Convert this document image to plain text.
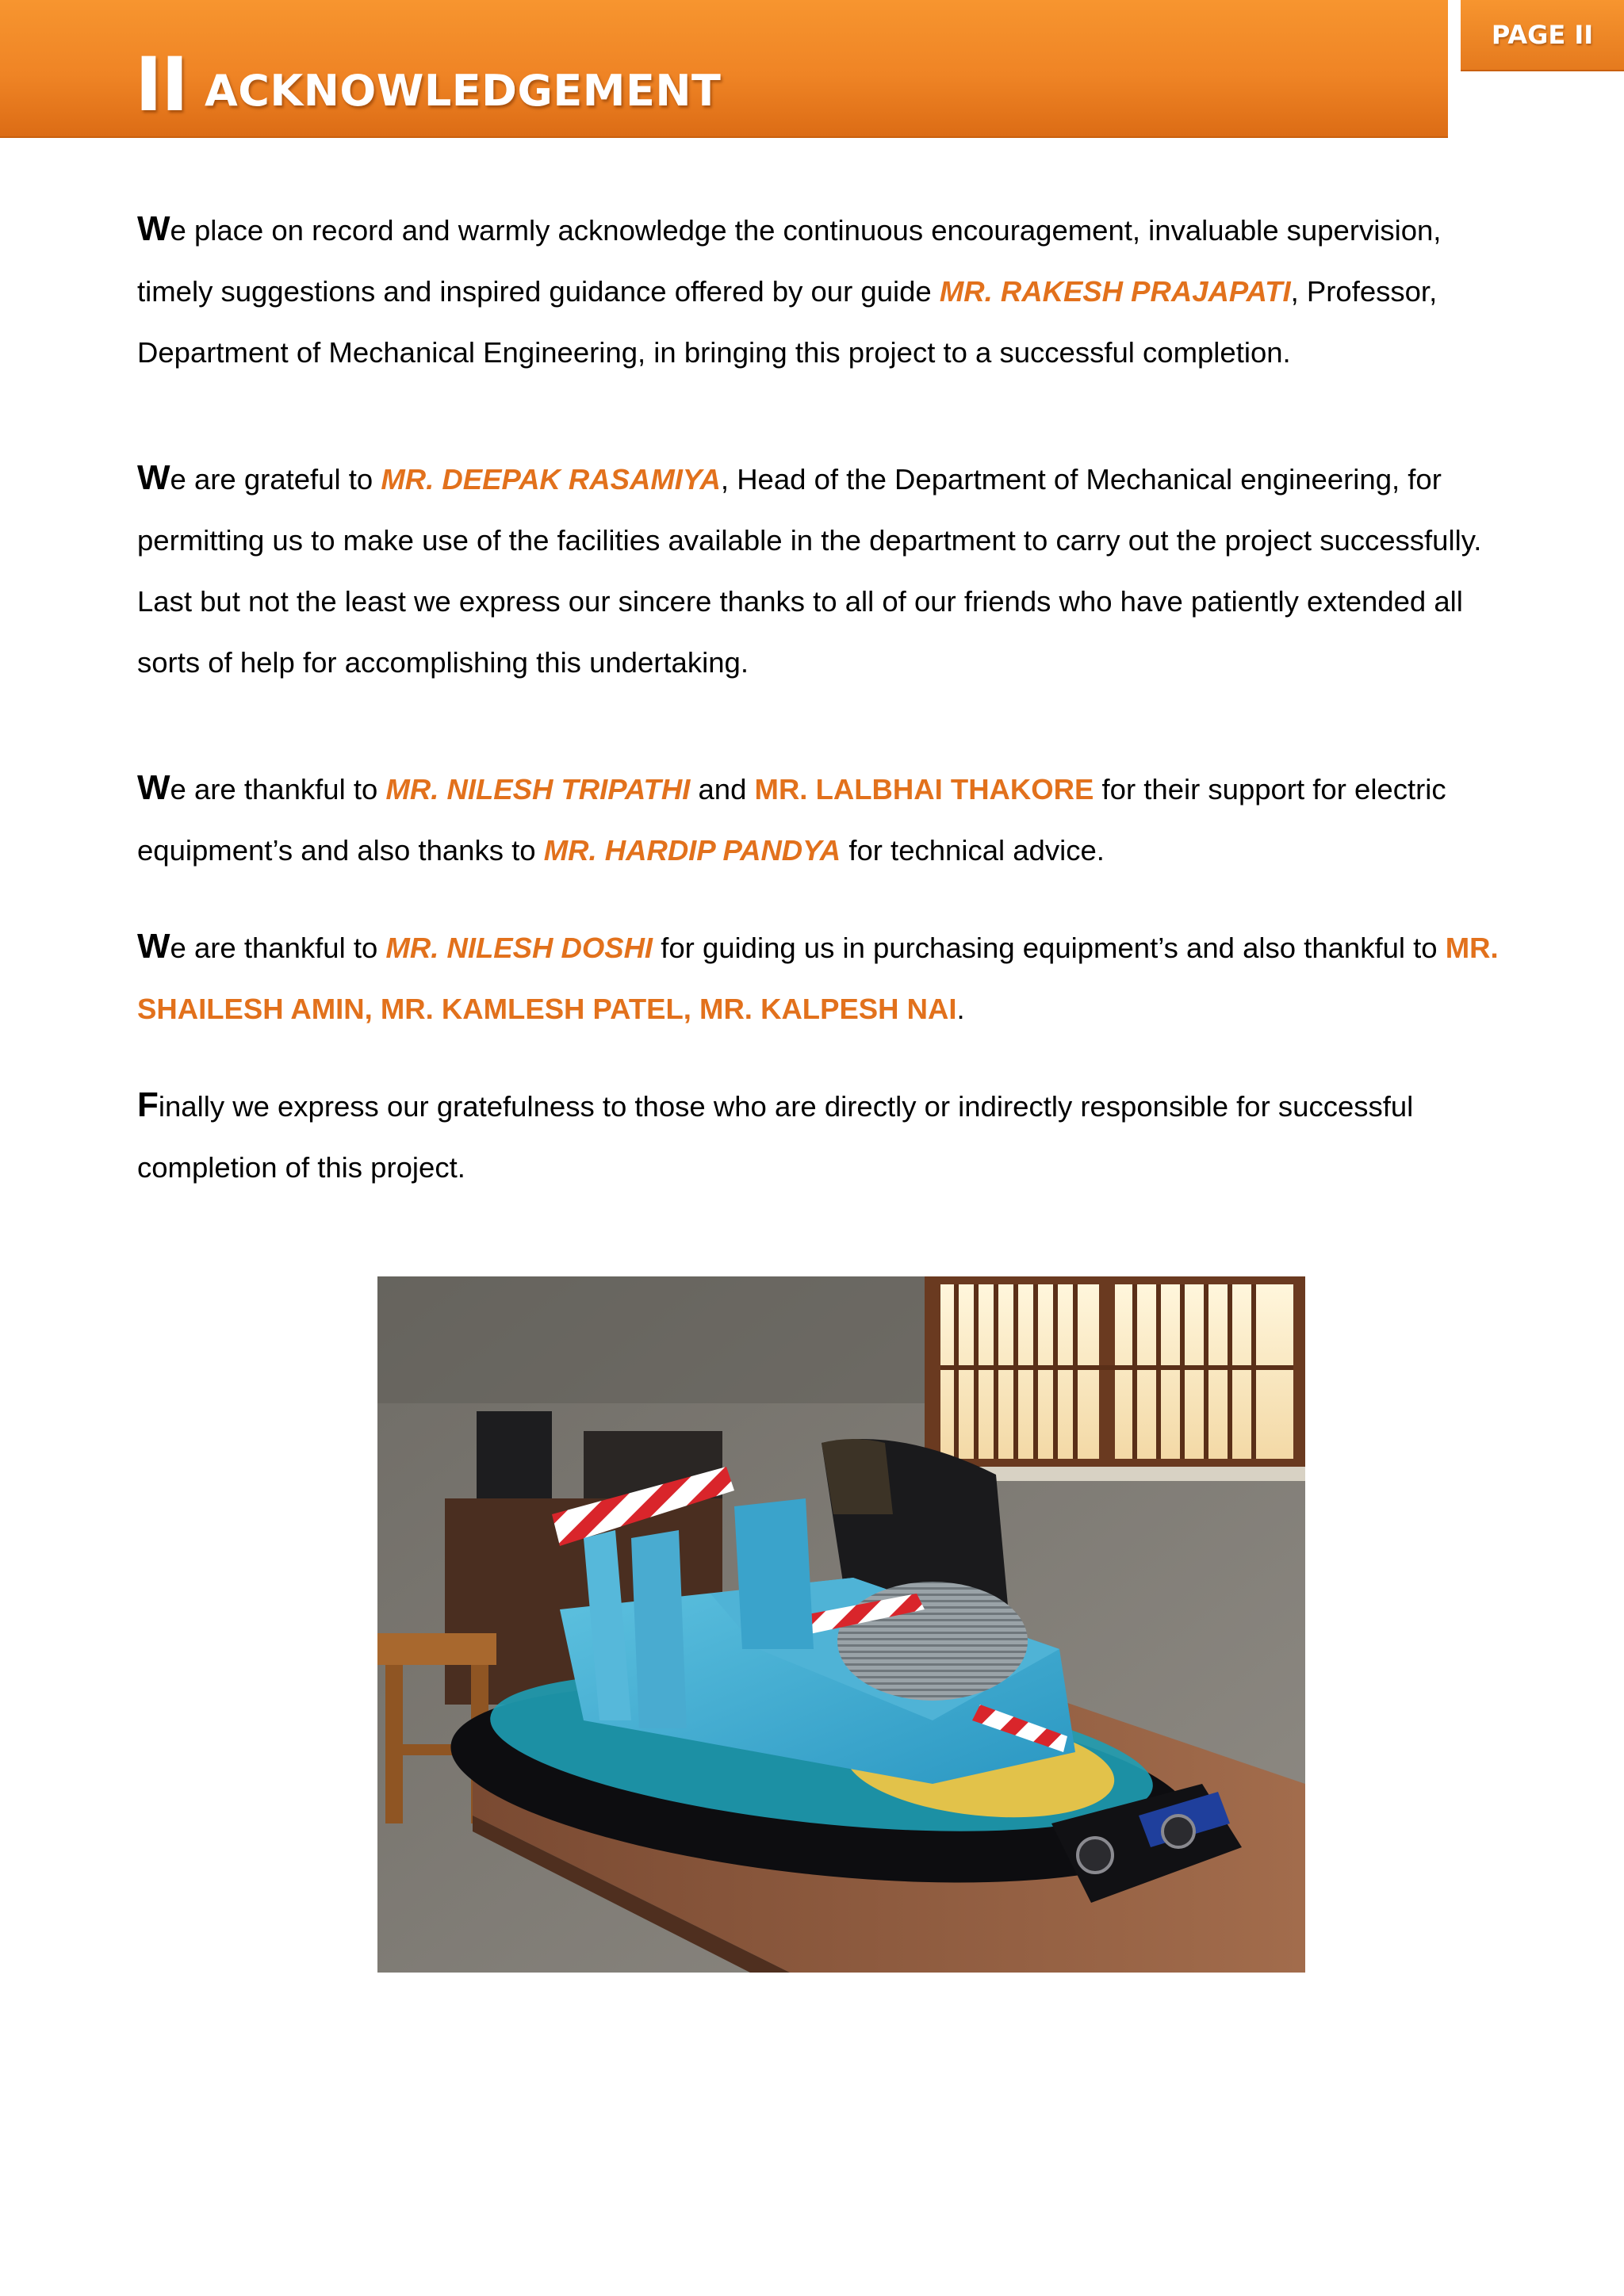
II ACKNOWLEDGEMENT
PAGE II

We place on record and warmly acknowledge the continuous encouragement, invaluable supervision, timely suggestions and inspired guidance offered by our guide MR. RAKESH PRAJAPATI, Professor, Department of Mechanical Engineering, in bringing this project to a successful completion.

We are grateful to MR. DEEPAK RASAMIYA, Head of the Department of Mechanical engineering, for permitting us to make use of the facilities available in the department to carry out the project successfully. Last but not the least we express our sincere thanks to all of our friends who have patiently extended all sorts of help for accomplishing this undertaking.

We are thankful to MR. NILESH TRIPATHI and MR. LALBHAI THAKORE for their support for electric equipment’s and also thanks to MR. HARDIP PANDYA for technical advice.

We are thankful to MR. NILESH DOSHI for guiding us in purchasing equipment’s and also thankful to MR. SHAILESH AMIN, MR. KAMLESH PATEL, MR. KALPESH NAI.

Finally we express our gratefulness to those who are directly or indirectly responsible for successful completion of this project.
